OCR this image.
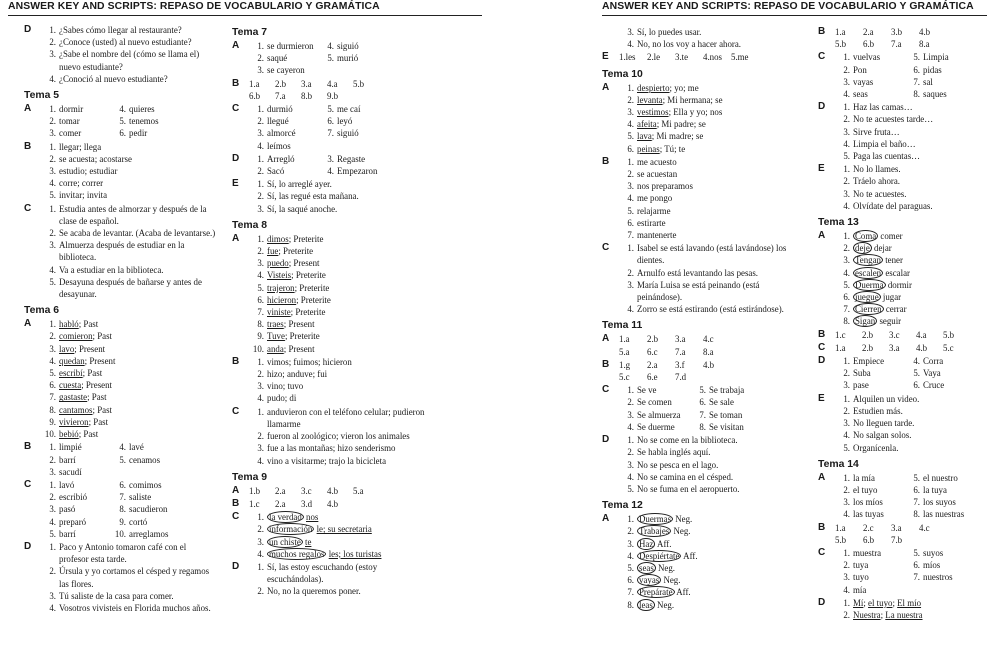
ANSWER KEY AND SCRIPTS: REPASO DE VOCABULARIO Y GRAMÁTICA
D	1. ¿Sabes cómo llegar al restaurante?
2. ¿Conoce (usted) al nuevo estudiante?
3. ¿Sabe el nombre del (cómo se llama el) nuevo estudiante?
4. ¿Conoció al nuevo estudiante?
Tema 5
A	1. dormir	4. quieres
2. tomar	5. tenemos
3. comer	6. pedir
B	1. llegar; llega
2. se acuesta; acostarse
3. estudio; estudiar
4. corre; correr
5. invitar; invita
C	1. Estudia antes de almorzar y después de la clase de español.
2. Se acaba de levantar. (Acaba de levantarse.)
3. Almuerza después de estudiar en la biblioteca.
4. Va a estudiar en la biblioteca.
5. Desayuna después de bañarse y antes de desayunar.
Tema 6
A	1. habló; Past
2. comieron; Past
3. lavo; Present
4. quedan; Present
5. escribí; Past
6. cuesta; Present
7. gastaste; Past
8. cantamos; Past
9. vivieron; Past
10. bebió; Past
B	1. limpié	4. lavé
2. barrí	5. cenamos
3. sacudí
C	1. lavó	6. comimos
2. escribió	7. saliste
3. pasó	8. sacudieron
4. preparó	9. cortó
5. barrí	10. arreglamos
D	1. Paco y Antonio tomaron café con el profesor esta tarde.
2. Úrsula y yo cortamos el césped y regamos las flores.
3. Tú saliste de la casa para comer.
4. Vosotros vivisteis en Florida muchos años.
Tema 7
A	1. se durmieron	4. siguió
2. saqué	5. murió
3. se cayeron
B	1. a 2. b 3. a 4. a 5. b
6. b 7. a 8. b 9. b
C	1. durmió	5. me caí
2. llegué	6. leyó
3. almorcé	7. siguió
4. leímos
D	1. Arregló	3. Regaste
2. Sacó	4. Empezaron
E	1. Sí, lo arreglé ayer.
2. Sí, las regué esta mañana.
3. Sí, la saqué anoche.
Tema 8
A	1. dimos; Preterite
2. fue; Preterite
3. puedo; Present
4. Visteis; Preterite
5. trajeron; Preterite
6. hicieron; Preterite
7. viniste; Preterite
8. traes; Present
9. Tuve; Preterite
10. anda; Present
B	1. vimos; fuimos; hicieron
2. hizo; anduve; fui
3. vino; tuvo
4. pudo; di
C	1. anduvieron con el teléfono celular; pudieron llamarme
2. fueron al zoológico; vieron los animales
3. fue a las montañas; hizo senderismo
4. vino a visitarme; trajo la bicicleta
Tema 9
A	1. b 2. a 3. c 4. b 5. a
B	1. c 2. a 3. d 4. b
C	1. la verdad nos
2. información le; su secretaria
3. un chiste te
4. muchos regalos les; los turistas
D	1. Sí, las estoy escuchando (estoy escuchándolas).
2. No, no la queremos poner.
ANSWER KEY AND SCRIPTS: REPASO DE VOCABULARIO Y GRAMÁTICA
3. Sí, lo puedes usar.
4. No, no los voy a hacer ahora.
E	1. les 2. le 3. te 4. nos 5. me
Tema 10
A	1. despierto; yo; me
2. levanta; Mi hermana; se
3. vestimos; Ella y yo; nos
4. afeita; Mi padre; se
5. lava; Mi madre; se
6. peinas; Tú; te
B	1. me acuesto
2. se acuestan
3. nos preparamos
4. me pongo
5. relajarme
6. estirarte
7. mantenerte
C	1. Isabel se está lavando (está lavándose) los dientes.
2. Arnulfo está levantando las pesas.
3. María Luisa se está peinando (está peinándose).
4. Zorro se está estirando (está estirándose).
Tema 11
A	1. a 2. b 3. a 4. c
5. a 6. c 7. a 8. a
B	1. g 2. a 3. f 4. b
5. c 6. e 7. d
C	1. Se ve	5. Se trabaja
2. Se comen	6. Se sale
3. Se almuerza	7. Se toman
4. Se duerme	8. Se visitan
D	1. No se come en la biblioteca.
2. Se habla inglés aquí.
3. No se pesca en el lago.
4. No se camina en el césped.
5. No se fuma en el aeropuerto.
Tema 12
A	1. Duermas Neg.
2. Trabajes Neg.
3. Haz Aff.
4. Despiértate Aff.
5. seas Neg.
6. vayas Neg.
7. Prepárate Aff.
8. leas Neg.
B	1. a 2. a 3. b 4. b
5. b 6. b 7. a 8. a
C	1. vuelvas	5. Limpia
2. Pon	6. pidas
3. vayas	7. sal
4. seas	8. saques
D	1. Haz las camas…
2. No te acuestes tarde…
3. Sirve fruta…
4. Limpia el baño…
5. Paga las cuentas…
E	1. No lo llames.
2. Tráelo ahora.
3. No te acuestes.
4. Olvídate del paraguas.
Tema 13
A	1. Coma comer
2. deje dejar
3. Tengan tener
4. escalen escalar
5. Duerma dormir
6. juegue jugar
7. Cierren cerrar
8. Sigan seguir
B	1. c 2. b 3. c 4. a 5. b
C	1. a 2. b 3. a 4. b 5. c
D	1. Empiece	4. Corra
2. Suba	5. Vaya
3. pase	6. Cruce
E	1. Alquilen un video.
2. Estudien más.
3. No lleguen tarde.
4. No salgan solos.
5. Organícenla.
Tema 14
A	1. la mía	5. el nuestro
2. el tuyo	6. la tuya
3. los míos	7. los suyos
4. las tuyas	8. las nuestras
B	1. a 2. c 3. a 4. c
5. b 6. b 7. b
C	1. muestra	5. suyos
2. tuya	6. míos
3. tuyo	7. nuestros
4. mía
D	1. Mí; el tuyo; El mío
2. Nuestra; La nuestra
